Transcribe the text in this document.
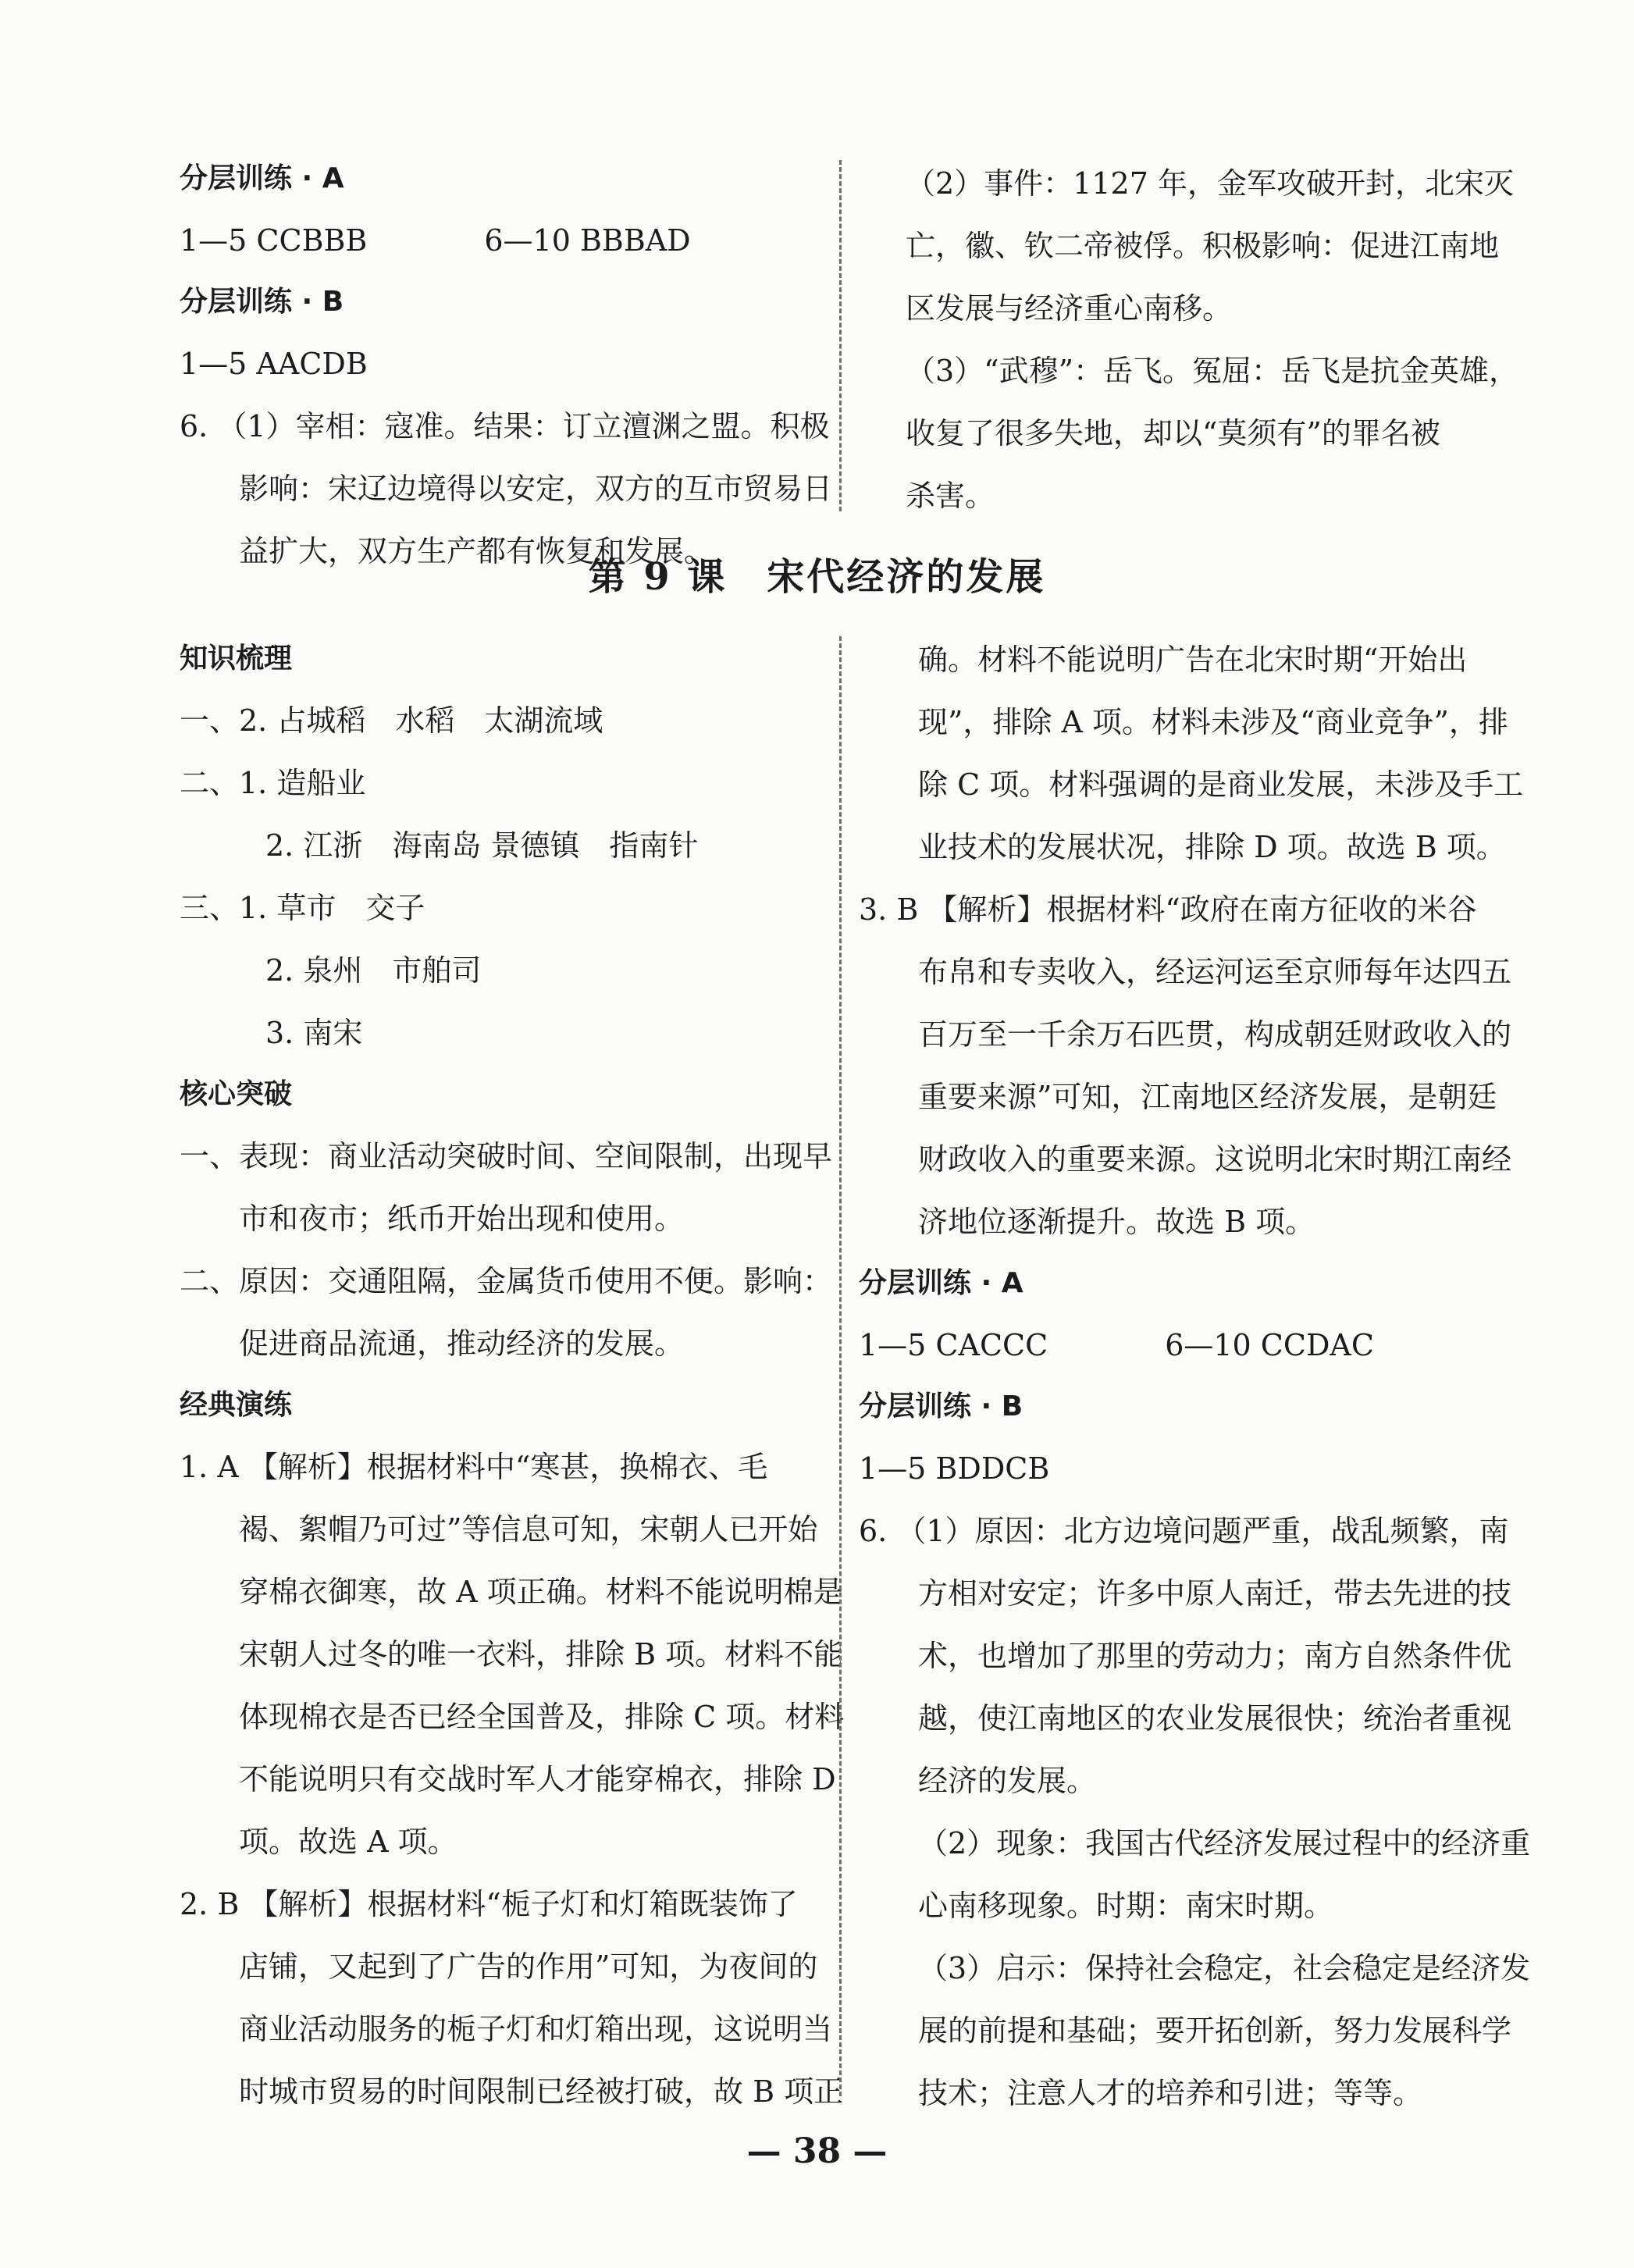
分层训练 · A

1—5 CCBBB	6—10 BBBAD

分层训练 · B

1—5 AACDB

6. （1）宰相：寇准。结果：订立澶渊之盟。积极

影响：宋辽边境得以安定，双方的互市贸易日

益扩大，双方生产都有恢复和发展。

（2）事件：1127 年，金军攻破开封，北宋灭

亡，徽、钦二帝被俘。积极影响：促进江南地

区发展与经济重心南移。

（3）“武穆”：岳飞。冤屈：岳飞是抗金英雄，

收复了很多失地，却以“莫须有”的罪名被

杀害。

第 9 课　宋代经济的发展

知识梳理

一、2. 占城稻　水稻　太湖流域

二、1. 造船业

2. 江浙　海南岛 景德镇　指南针

三、1. 草市　交子

2. 泉州　市舶司

3. 南宋

核心突破

一、表现：商业活动突破时间、空间限制，出现早

市和夜市；纸币开始出现和使用。

二、原因：交通阻隔，金属货币使用不便。影响：

促进商品流通，推动经济的发展。

经典演练

1. A 【解析】根据材料中“寒甚，换棉衣、毛

褐、絮帽乃可过”等信息可知，宋朝人已开始

穿棉衣御寒，故 A 项正确。材料不能说明棉是

宋朝人过冬的唯一衣料，排除 B 项。材料不能

体现棉衣是否已经全国普及，排除 C 项。材料

不能说明只有交战时军人才能穿棉衣，排除 D

项。故选 A 项。

2. B 【解析】根据材料“栀子灯和灯箱既装饰了

店铺，又起到了广告的作用”可知，为夜间的

商业活动服务的栀子灯和灯箱出现，这说明当

时城市贸易的时间限制已经被打破，故 B 项正

确。材料不能说明广告在北宋时期“开始出

现”，排除 A 项。材料未涉及“商业竞争”，排

除 C 项。材料强调的是商业发展，未涉及手工

业技术的发展状况，排除 D 项。故选 B 项。

3. B 【解析】根据材料“政府在南方征收的米谷

布帛和专卖收入，经运河运至京师每年达四五

百万至一千余万石匹贯，构成朝廷财政收入的

重要来源”可知，江南地区经济发展，是朝廷

财政收入的重要来源。这说明北宋时期江南经

济地位逐渐提升。故选 B 项。

分层训练 · A

1—5 CACCC	6—10 CCDAC

分层训练 · B

1—5 BDDCB

6. （1）原因：北方边境问题严重，战乱频繁，南

方相对安定；许多中原人南迁，带去先进的技

术，也增加了那里的劳动力；南方自然条件优

越，使江南地区的农业发展很快；统治者重视

经济的发展。

（2）现象：我国古代经济发展过程中的经济重

心南移现象。时期：南宋时期。

（3）启示：保持社会稳定，社会稳定是经济发

展的前提和基础；要开拓创新，努力发展科学

技术；注意人才的培养和引进；等等。

— 38 —
